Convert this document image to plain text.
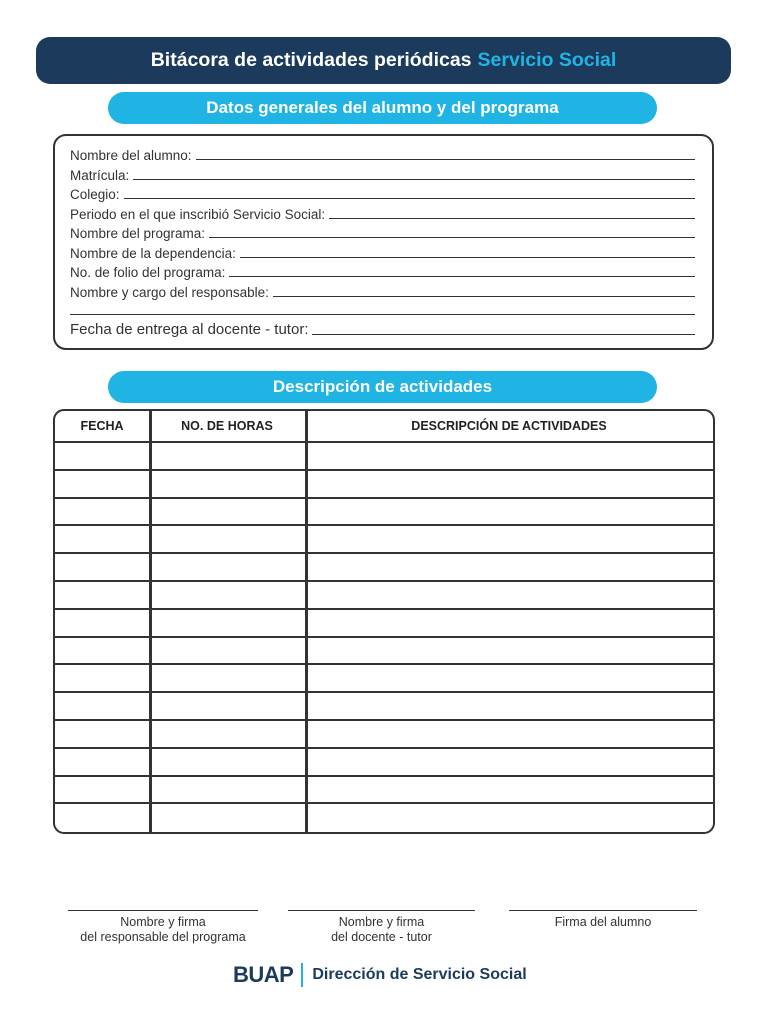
Bitácora de actividades periódicas Servicio Social
Datos generales del alumno y del programa
Nombre del alumno:
Matrícula:
Colegio:
Periodo en el que inscribió Servicio Social:
Nombre del programa:
Nombre de la dependencia:
No. de folio del programa:
Nombre y cargo del responsable:
Fecha de entrega al docente - tutor:
Descripción de actividades
FECHA	NO. DE HORAS	DESCRIPCIÓN DE ACTIVIDADES
Nombre y firma
del responsable del programa
Nombre y firma
del docente - tutor
Firma del alumno
BUAP Dirección de Servicio Social
